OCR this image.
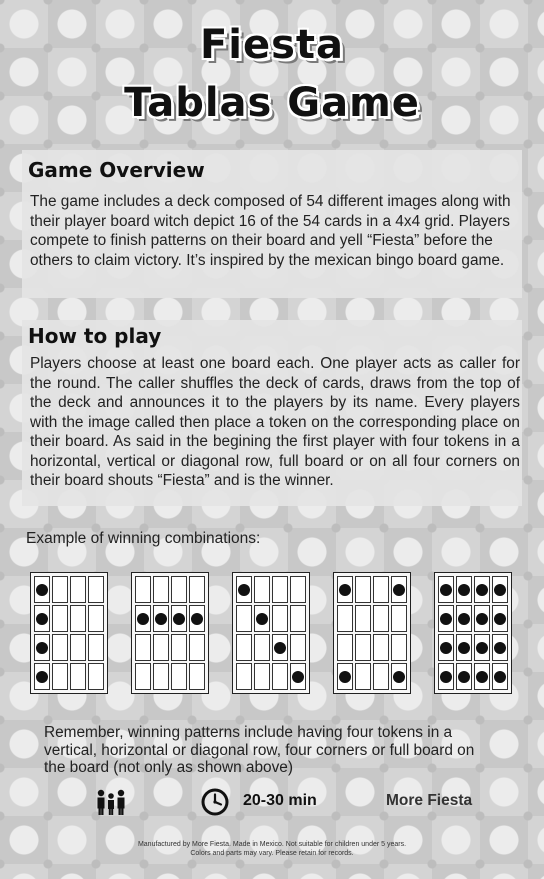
Fiesta
Tablas Game
Game Overview
The game includes a deck composed of 54 different images along with their player board witch depict 16 of the 54 cards in a 4x4 grid. Players compete to finish patterns on their board and yell “Fiesta” before the others to claim victory. It’s inspired by the mexican bingo board game.
How to play
Players choose at least one board each. One player acts as caller for the round. The caller shuffles the deck of cards, draws from the top of the deck and announces it to the players by its name. Every players with the image called then place a token on the corresponding place on their board. As said in the begining the first player with four tokens in a horizontal, vertical or diagonal row, full board or on all four corners on their board shouts “Fiesta” and is the winner.
Example of winning combinations:
Remember, winning patterns include having four tokens in a vertical, horizontal or diagonal row, four corners or full board on the board (not only as shown above)
20-30 min	More Fiesta
Manufactured by More Fiesta. Made in Mexico. Not suitable for children under 5 years.
Colors and parts may vary. Please retain for records.
